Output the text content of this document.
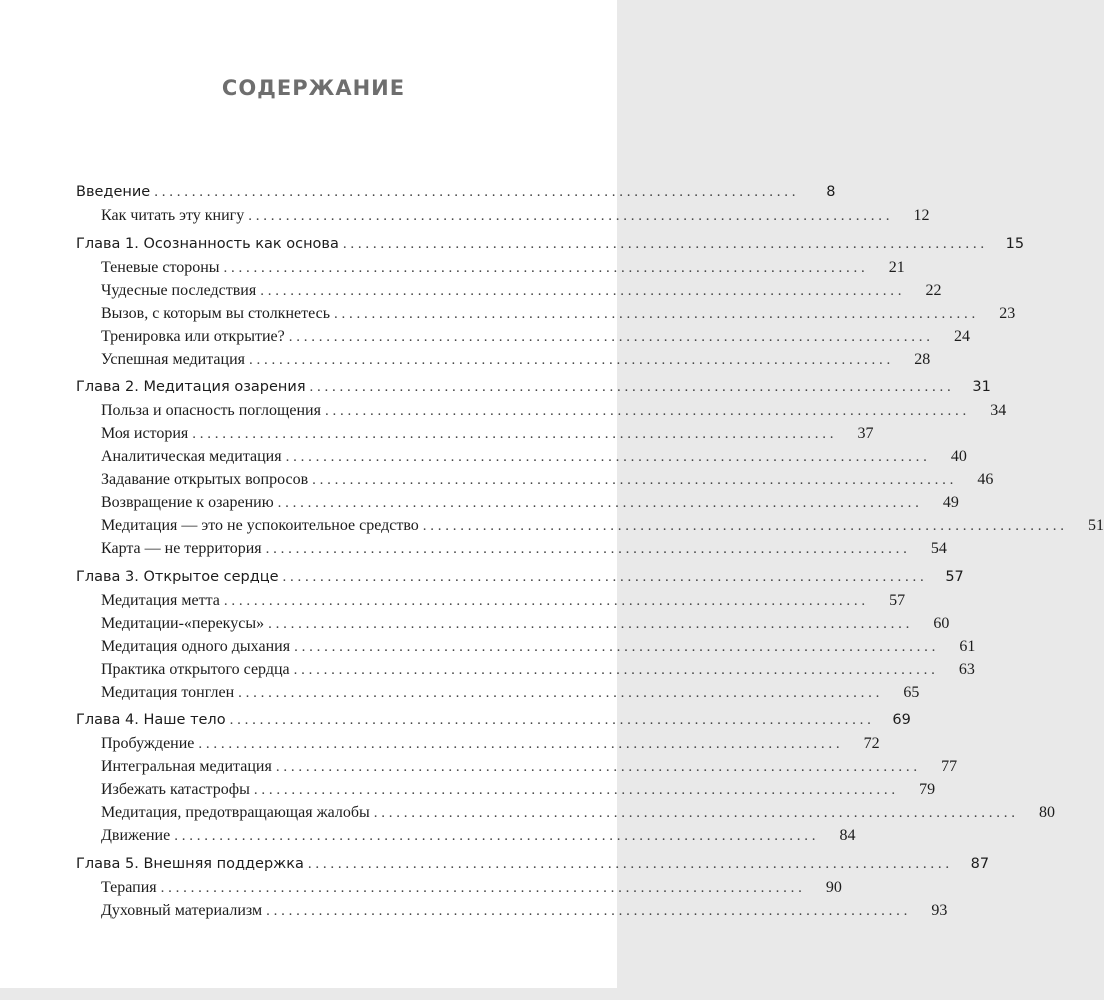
СОДЕРЖАНИЕ
Введение . . . . . . . . . . . . . . . . . . . . . . . . . . . . . . . . . . . . . . . . . . . . . . . . . . . . . . . . . . . . . . . . . . . . . . . . . . . . . . . . . . . . . .	8
Как читать эту книгу . . . . . . . . . . . . . . . . . . . . . . . . . . . . . . . . . . . . . . . . . . . . . . . . . . . . . . . . . . . . . . . . . . . . . . . . . . . . . . . . . . . . . .	12
Глава 1. Осознанность как основа . . . . . . . . . . . . . . . . . . . . . . . . . . . . . . . . . . . . . . . . . . . . . . . . . . . . . . . . . . . . . . . . . . . . . . . . . . . . . . . . . . . . . .	15
Теневые стороны . . . . . . . . . . . . . . . . . . . . . . . . . . . . . . . . . . . . . . . . . . . . . . . . . . . . . . . . . . . . . . . . . . . . . . . . . . . . . . . . . . . . . .	21
Чудесные последствия . . . . . . . . . . . . . . . . . . . . . . . . . . . . . . . . . . . . . . . . . . . . . . . . . . . . . . . . . . . . . . . . . . . . . . . . . . . . . . . . . . . . . .	22
Вызов, с которым вы столкнетесь . . . . . . . . . . . . . . . . . . . . . . . . . . . . . . . . . . . . . . . . . . . . . . . . . . . . . . . . . . . . . . . . . . . . . . . . . . . . . . . . . . . . . .	23
Тренировка или открытие? . . . . . . . . . . . . . . . . . . . . . . . . . . . . . . . . . . . . . . . . . . . . . . . . . . . . . . . . . . . . . . . . . . . . . . . . . . . . . . . . . . . . . .	24
Успешная медитация . . . . . . . . . . . . . . . . . . . . . . . . . . . . . . . . . . . . . . . . . . . . . . . . . . . . . . . . . . . . . . . . . . . . . . . . . . . . . . . . . . . . . .	28
Глава 2. Медитация озарения . . . . . . . . . . . . . . . . . . . . . . . . . . . . . . . . . . . . . . . . . . . . . . . . . . . . . . . . . . . . . . . . . . . . . . . . . . . . . . . . . . . . . .	31
Польза и опасность поглощения . . . . . . . . . . . . . . . . . . . . . . . . . . . . . . . . . . . . . . . . . . . . . . . . . . . . . . . . . . . . . . . . . . . . . . . . . . . . . . . . . . . . . .	34
Моя история . . . . . . . . . . . . . . . . . . . . . . . . . . . . . . . . . . . . . . . . . . . . . . . . . . . . . . . . . . . . . . . . . . . . . . . . . . . . . . . . . . . . . .	37
Аналитическая медитация . . . . . . . . . . . . . . . . . . . . . . . . . . . . . . . . . . . . . . . . . . . . . . . . . . . . . . . . . . . . . . . . . . . . . . . . . . . . . . . . . . . . . .	40
Задавание открытых вопросов . . . . . . . . . . . . . . . . . . . . . . . . . . . . . . . . . . . . . . . . . . . . . . . . . . . . . . . . . . . . . . . . . . . . . . . . . . . . . . . . . . . . . .	46
Возвращение к озарению . . . . . . . . . . . . . . . . . . . . . . . . . . . . . . . . . . . . . . . . . . . . . . . . . . . . . . . . . . . . . . . . . . . . . . . . . . . . . . . . . . . . . .	49
Медитация — это не успокоительное средство . . . . . . . . . . . . . . . . . . . . . . . . . . . . . . . . . . . . . . . . . . . . . . . . . . . . . . . . . . . . . . . . . . . . . . . . . . . . . . . . . . . . . .	51
Карта — не территория . . . . . . . . . . . . . . . . . . . . . . . . . . . . . . . . . . . . . . . . . . . . . . . . . . . . . . . . . . . . . . . . . . . . . . . . . . . . . . . . . . . . . .	54
Глава 3. Открытое сердце . . . . . . . . . . . . . . . . . . . . . . . . . . . . . . . . . . . . . . . . . . . . . . . . . . . . . . . . . . . . . . . . . . . . . . . . . . . . . . . . . . . . . .	57
Медитация метта . . . . . . . . . . . . . . . . . . . . . . . . . . . . . . . . . . . . . . . . . . . . . . . . . . . . . . . . . . . . . . . . . . . . . . . . . . . . . . . . . . . . . .	57
Медитации-«перекусы» . . . . . . . . . . . . . . . . . . . . . . . . . . . . . . . . . . . . . . . . . . . . . . . . . . . . . . . . . . . . . . . . . . . . . . . . . . . . . . . . . . . . . .	60
Медитация одного дыхания . . . . . . . . . . . . . . . . . . . . . . . . . . . . . . . . . . . . . . . . . . . . . . . . . . . . . . . . . . . . . . . . . . . . . . . . . . . . . . . . . . . . . .	61
Практика открытого сердца . . . . . . . . . . . . . . . . . . . . . . . . . . . . . . . . . . . . . . . . . . . . . . . . . . . . . . . . . . . . . . . . . . . . . . . . . . . . . . . . . . . . . .	63
Медитация тонглен . . . . . . . . . . . . . . . . . . . . . . . . . . . . . . . . . . . . . . . . . . . . . . . . . . . . . . . . . . . . . . . . . . . . . . . . . . . . . . . . . . . . . .	65
Глава 4. Наше тело . . . . . . . . . . . . . . . . . . . . . . . . . . . . . . . . . . . . . . . . . . . . . . . . . . . . . . . . . . . . . . . . . . . . . . . . . . . . . . . . . . . . . .	69
Пробуждение . . . . . . . . . . . . . . . . . . . . . . . . . . . . . . . . . . . . . . . . . . . . . . . . . . . . . . . . . . . . . . . . . . . . . . . . . . . . . . . . . . . . . .	72
Интегральная медитация . . . . . . . . . . . . . . . . . . . . . . . . . . . . . . . . . . . . . . . . . . . . . . . . . . . . . . . . . . . . . . . . . . . . . . . . . . . . . . . . . . . . . .	77
Избежать катастрофы . . . . . . . . . . . . . . . . . . . . . . . . . . . . . . . . . . . . . . . . . . . . . . . . . . . . . . . . . . . . . . . . . . . . . . . . . . . . . . . . . . . . . .	79
Медитация, предотвращающая жалобы . . . . . . . . . . . . . . . . . . . . . . . . . . . . . . . . . . . . . . . . . . . . . . . . . . . . . . . . . . . . . . . . . . . . . . . . . . . . . . . . . . . . . .	80
Движение . . . . . . . . . . . . . . . . . . . . . . . . . . . . . . . . . . . . . . . . . . . . . . . . . . . . . . . . . . . . . . . . . . . . . . . . . . . . . . . . . . . . . .	84
Глава 5. Внешняя поддержка . . . . . . . . . . . . . . . . . . . . . . . . . . . . . . . . . . . . . . . . . . . . . . . . . . . . . . . . . . . . . . . . . . . . . . . . . . . . . . . . . . . . . .	87
Терапия . . . . . . . . . . . . . . . . . . . . . . . . . . . . . . . . . . . . . . . . . . . . . . . . . . . . . . . . . . . . . . . . . . . . . . . . . . . . . . . . . . . . . .	90
Духовный материализм . . . . . . . . . . . . . . . . . . . . . . . . . . . . . . . . . . . . . . . . . . . . . . . . . . . . . . . . . . . . . . . . . . . . . . . . . . . . . . . . . . . . . .	93
